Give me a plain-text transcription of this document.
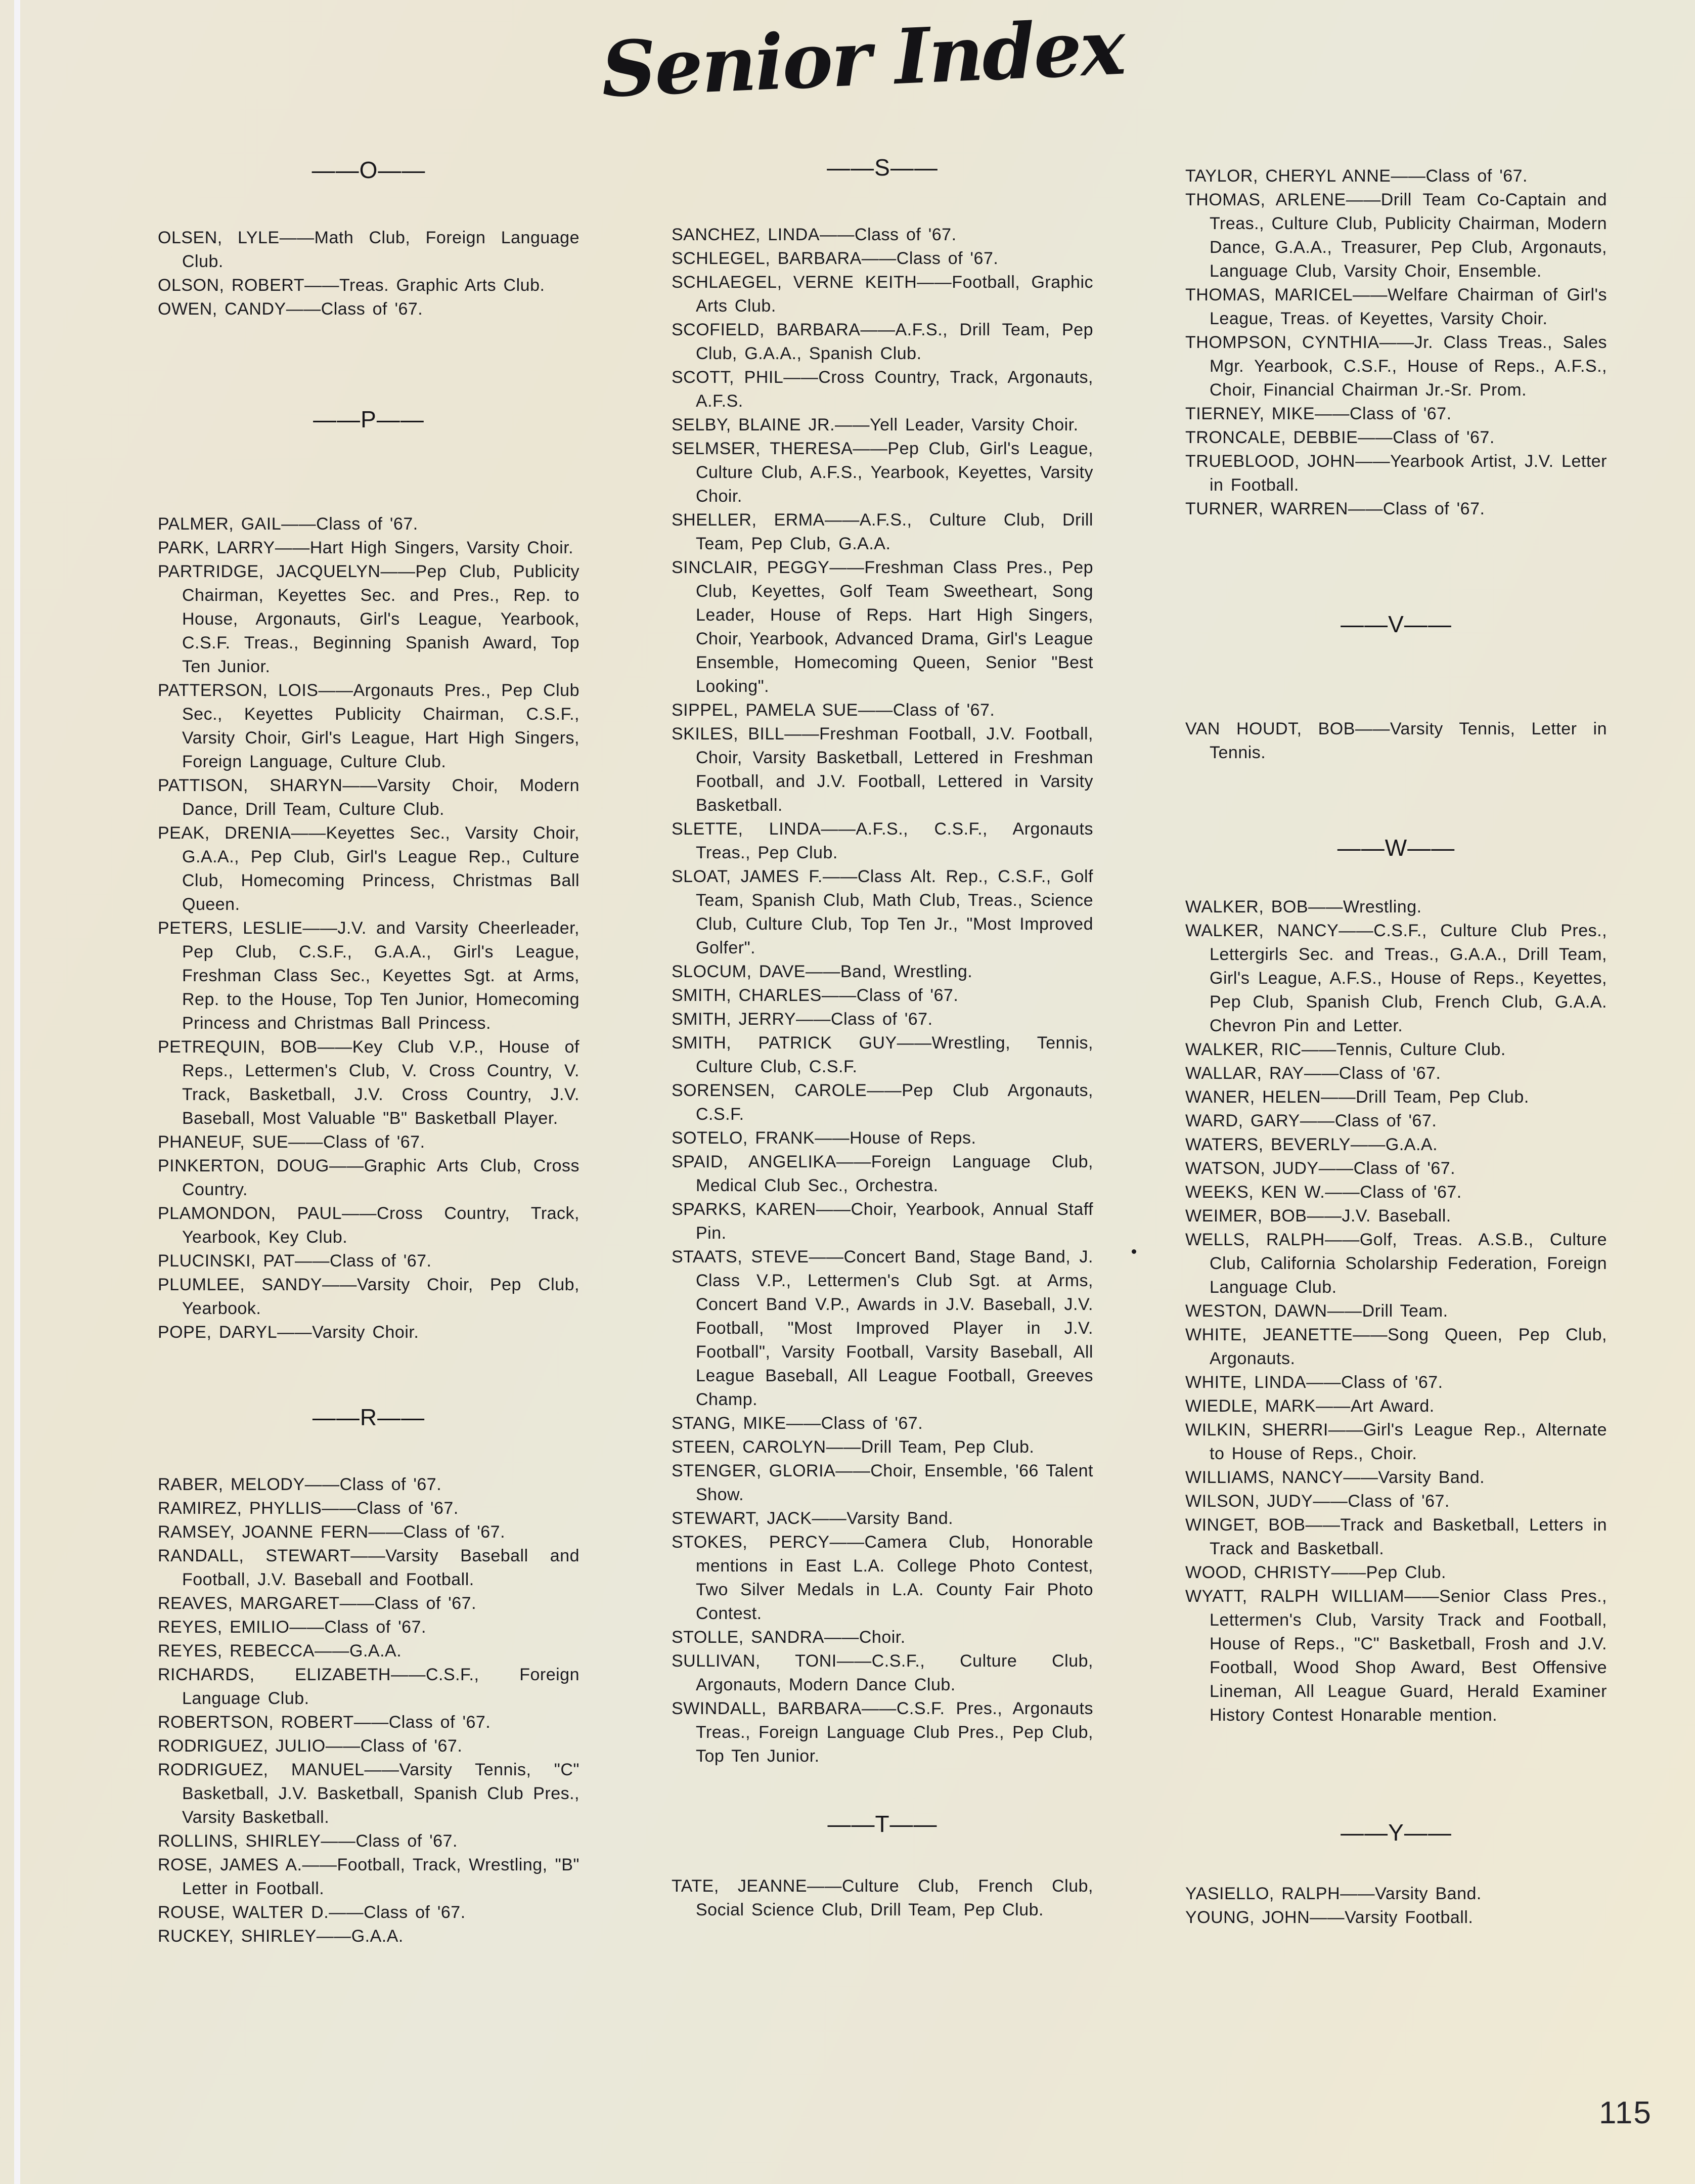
Senior Index
——O——
OLSEN, LYLE——Math Club, Foreign Language Club.
OLSON, ROBERT——Treas. Graphic Arts Club.
OWEN, CANDY——Class of '67.
——P——
PALMER, GAIL——Class of '67.
PARK, LARRY——Hart High Singers, Varsity Choir.
PARTRIDGE, JACQUELYN——Pep Club, Publicity Chairman, Keyettes Sec. and Pres., Rep. to House, Argonauts, Girl's League, Yearbook, C.S.F. Treas., Beginning Spanish Award, Top Ten Junior.
PATTERSON, LOIS——Argonauts Pres., Pep Club Sec., Keyettes Publicity Chairman, C.S.F., Varsity Choir, Girl's League, Hart High Singers, Foreign Language, Culture Club.
PATTISON, SHARYN——Varsity Choir, Modern Dance, Drill Team, Culture Club.
PEAK, DRENIA——Keyettes Sec., Varsity Choir, G.A.A., Pep Club, Girl's League Rep., Culture Club, Homecoming Princess, Christmas Ball Queen.
PETERS, LESLIE——J.V. and Varsity Cheerleader, Pep Club, C.S.F., G.A.A., Girl's League, Freshman Class Sec., Keyettes Sgt. at Arms, Rep. to the House, Top Ten Junior, Homecoming Princess and Christmas Ball Princess.
PETREQUIN, BOB——Key Club V.P., House of Reps., Lettermen's Club, V. Cross Country, V. Track, Basketball, J.V. Cross Country, J.V. Baseball, Most Valuable "B" Basketball Player.
PHANEUF, SUE——Class of '67.
PINKERTON, DOUG——Graphic Arts Club, Cross Country.
PLAMONDON, PAUL——Cross Country, Track, Yearbook, Key Club.
PLUCINSKI, PAT——Class of '67.
PLUMLEE, SANDY——Varsity Choir, Pep Club, Yearbook.
POPE, DARYL——Varsity Choir.
——R——
RABER, MELODY——Class of '67.
RAMIREZ, PHYLLIS——Class of '67.
RAMSEY, JOANNE FERN——Class of '67.
RANDALL, STEWART——Varsity Baseball and Football, J.V. Baseball and Football.
REAVES, MARGARET——Class of '67.
REYES, EMILIO——Class of '67.
REYES, REBECCA——G.A.A.
RICHARDS, ELIZABETH——C.S.F., Foreign Language Club.
ROBERTSON, ROBERT——Class of '67.
RODRIGUEZ, JULIO——Class of '67.
RODRIGUEZ, MANUEL——Varsity Tennis, "C" Basketball, J.V. Basketball, Spanish Club Pres., Varsity Basketball.
ROLLINS, SHIRLEY——Class of '67.
ROSE, JAMES A.——Football, Track, Wrestling, "B" Letter in Football.
ROUSE, WALTER D.——Class of '67.
RUCKEY, SHIRLEY——G.A.A.
——S——
SANCHEZ, LINDA——Class of '67.
SCHLEGEL, BARBARA——Class of '67.
SCHLAEGEL, VERNE KEITH——Football, Graphic Arts Club.
SCOFIELD, BARBARA——A.F.S., Drill Team, Pep Club, G.A.A., Spanish Club.
SCOTT, PHIL——Cross Country, Track, Argonauts, A.F.S.
SELBY, BLAINE JR.——Yell Leader, Varsity Choir.
SELMSER, THERESA——Pep Club, Girl's League, Culture Club, A.F.S., Yearbook, Keyettes, Varsity Choir.
SHELLER, ERMA——A.F.S., Culture Club, Drill Team, Pep Club, G.A.A.
SINCLAIR, PEGGY——Freshman Class Pres., Pep Club, Keyettes, Golf Team Sweetheart, Song Leader, House of Reps. Hart High Singers, Choir, Yearbook, Advanced Drama, Girl's League Ensemble, Homecoming Queen, Senior "Best Looking".
SIPPEL, PAMELA SUE——Class of '67.
SKILES, BILL——Freshman Football, J.V. Football, Choir, Varsity Basketball, Lettered in Freshman Football, and J.V. Football, Lettered in Varsity Basketball.
SLETTE, LINDA——A.F.S., C.S.F., Argonauts Treas., Pep Club.
SLOAT, JAMES F.——Class Alt. Rep., C.S.F., Golf Team, Spanish Club, Math Club, Treas., Science Club, Culture Club, Top Ten Jr., "Most Improved Golfer".
SLOCUM, DAVE——Band, Wrestling.
SMITH, CHARLES——Class of '67.
SMITH, JERRY——Class of '67.
SMITH, PATRICK GUY——Wrestling, Tennis, Culture Club, C.S.F.
SORENSEN, CAROLE——Pep Club Argonauts, C.S.F.
SOTELO, FRANK——House of Reps.
SPAID, ANGELIKA——Foreign Language Club, Medical Club Sec., Orchestra.
SPARKS, KAREN——Choir, Yearbook, Annual Staff Pin.
STAATS, STEVE——Concert Band, Stage Band, J. Class V.P., Lettermen's Club Sgt. at Arms, Concert Band V.P., Awards in J.V. Baseball, J.V. Football, "Most Improved Player in J.V. Football", Varsity Football, Varsity Baseball, All League Baseball, All League Football, Greeves Champ.
STANG, MIKE——Class of '67.
STEEN, CAROLYN——Drill Team, Pep Club.
STENGER, GLORIA——Choir, Ensemble, '66 Talent Show.
STEWART, JACK——Varsity Band.
STOKES, PERCY——Camera Club, Honorable mentions in East L.A. College Photo Contest, Two Silver Medals in L.A. County Fair Photo Contest.
STOLLE, SANDRA——Choir.
SULLIVAN, TONI——C.S.F., Culture Club, Argonauts, Modern Dance Club.
SWINDALL, BARBARA——C.S.F. Pres., Argonauts Treas., Foreign Language Club Pres., Pep Club, Top Ten Junior.
——T——
TATE, JEANNE——Culture Club, French Club, Social Science Club, Drill Team, Pep Club.
TAYLOR, CHERYL ANNE——Class of '67.
THOMAS, ARLENE——Drill Team Co-Captain and Treas., Culture Club, Publicity Chairman, Modern Dance, G.A.A., Treasurer, Pep Club, Argonauts, Language Club, Varsity Choir, Ensemble.
THOMAS, MARICEL——Welfare Chairman of Girl's League, Treas. of Keyettes, Varsity Choir.
THOMPSON, CYNTHIA——Jr. Class Treas., Sales Mgr. Yearbook, C.S.F., House of Reps., A.F.S., Choir, Financial Chairman Jr.-Sr. Prom.
TIERNEY, MIKE——Class of '67.
TRONCALE, DEBBIE——Class of '67.
TRUEBLOOD, JOHN——Yearbook Artist, J.V. Letter in Football.
TURNER, WARREN——Class of '67.
——V——
VAN HOUDT, BOB——Varsity Tennis, Letter in Tennis.
——W——
WALKER, BOB——Wrestling.
WALKER, NANCY——C.S.F., Culture Club Pres., Lettergirls Sec. and Treas., G.A.A., Drill Team, Girl's League, A.F.S., House of Reps., Keyettes, Pep Club, Spanish Club, French Club, G.A.A. Chevron Pin and Letter.
WALKER, RIC——Tennis, Culture Club.
WALLAR, RAY——Class of '67.
WANER, HELEN——Drill Team, Pep Club.
WARD, GARY——Class of '67.
WATERS, BEVERLY——G.A.A.
WATSON, JUDY——Class of '67.
WEEKS, KEN W.——Class of '67.
WEIMER, BOB——J.V. Baseball.
WELLS, RALPH——Golf, Treas. A.S.B., Culture Club, California Scholarship Federation, Foreign Language Club.
WESTON, DAWN——Drill Team.
WHITE, JEANETTE——Song Queen, Pep Club, Argonauts.
WHITE, LINDA——Class of '67.
WIEDLE, MARK——Art Award.
WILKIN, SHERRI——Girl's League Rep., Alternate to House of Reps., Choir.
WILLIAMS, NANCY——Varsity Band.
WILSON, JUDY——Class of '67.
WINGET, BOB——Track and Basketball, Letters in Track and Basketball.
WOOD, CHRISTY——Pep Club.
WYATT, RALPH WILLIAM——Senior Class Pres., Lettermen's Club, Varsity Track and Football, House of Reps., "C" Basketball, Frosh and J.V. Football, Wood Shop Award, Best Offensive Lineman, All League Guard, Herald Examiner History Contest Honarable mention.
——Y——
YASIELLO, RALPH——Varsity Band.
YOUNG, JOHN——Varsity Football.
115
